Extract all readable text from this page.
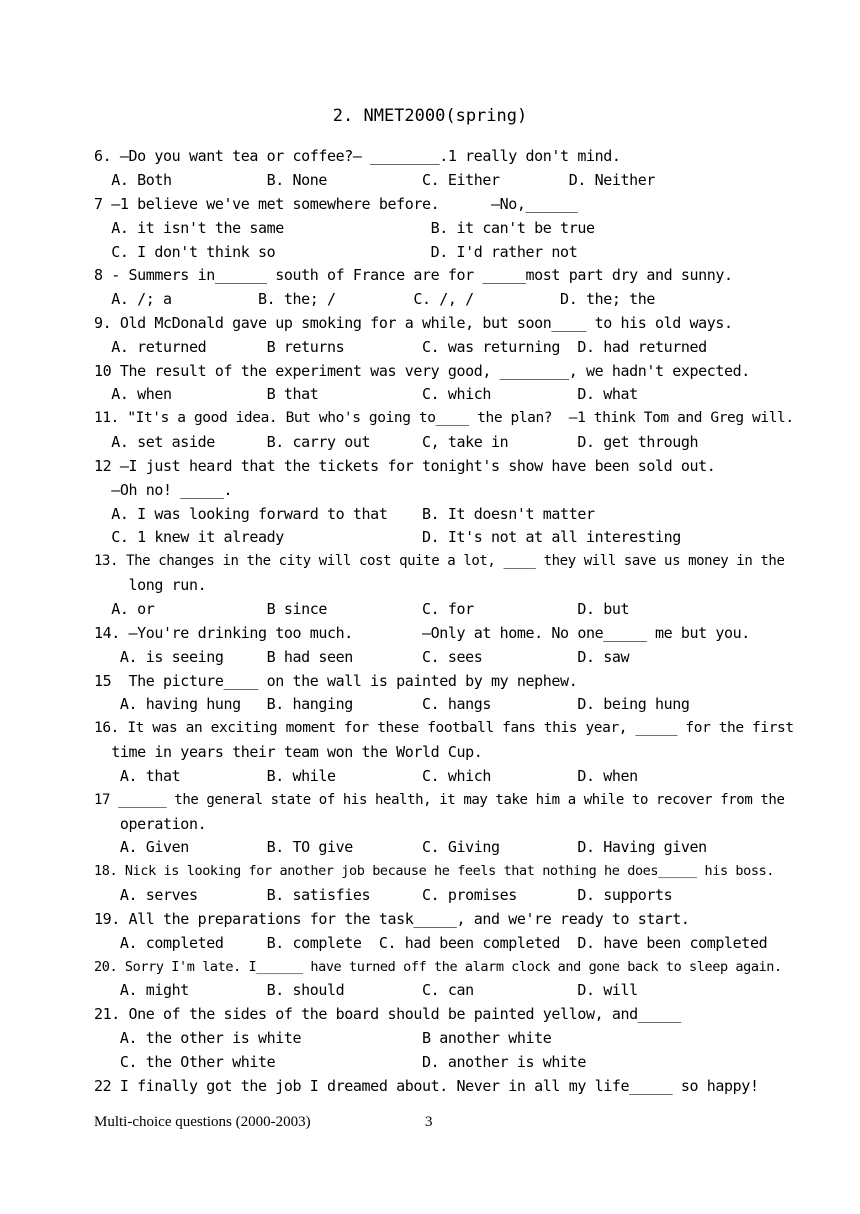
2. NMET2000(spring)
6. —Do you want tea or coffee?— ________.1 really don't mind.
A. Both           B. None           C. Either        D. Neither
7 —1 believe we've met somewhere before.      —No,______
A. it isn't the same                 B. it can't be true
C. I don't think so                  D. I'd rather not
8 - Summers in______ south of France are for _____most part dry and sunny.
A. /; a          B. the; /         C. /, /          D. the; the
9. Old McDonald gave up smoking for a while, but soon____ to his old ways.
A. returned       B returns         C. was returning  D. had returned
10 The result of the experiment was very good, ________, we hadn't expected.
A. when           B that            C. which          D. what
11. "It's a good idea. But who's going to____ the plan?  —1 think Tom and Greg will.
A. set aside      B. carry out      C, take in        D. get through
12 —I just heard that the tickets for tonight's show have been sold out.
—Oh no! _____.
A. I was looking forward to that    B. It doesn't matter
C. 1 knew it already                D. It's not at all interesting
13. The changes in the city will cost quite a lot, ____ they will save us money in the
long run.
A. or             B since           C. for            D. but
14. —You're drinking too much.        —Only at home. No one_____ me but you.
A. is seeing     B had seen        C. sees           D. saw
15  The picture____ on the wall is painted by my nephew.
A. having hung   B. hanging        C. hangs          D. being hung
16. It was an exciting moment for these football fans this year, _____ for the first
time in years their team won the World Cup.
A. that          B. while          C. which          D. when
17 ______ the general state of his health, it may take him a while to recover from the
operation.
A. Given         B. TO give        C. Giving         D. Having given
18. Nick is looking for another job because he feels that nothing he does_____ his boss.
A. serves        B. satisfies      C. promises       D. supports
19. All the preparations for the task_____, and we're ready to start.
A. completed     B. complete  C. had been completed  D. have been completed
20. Sorry I'm late. I______ have turned off the alarm clock and gone back to sleep again.
A. might         B. should         C. can            D. will
21. One of the sides of the board should be painted yellow, and_____
A. the other is white              B another white
C. the Other white                 D. another is white
22 I finally got the job I dreamed about. Never in all my life_____ so happy!
Multi-choice questions (2000-2003)	3
